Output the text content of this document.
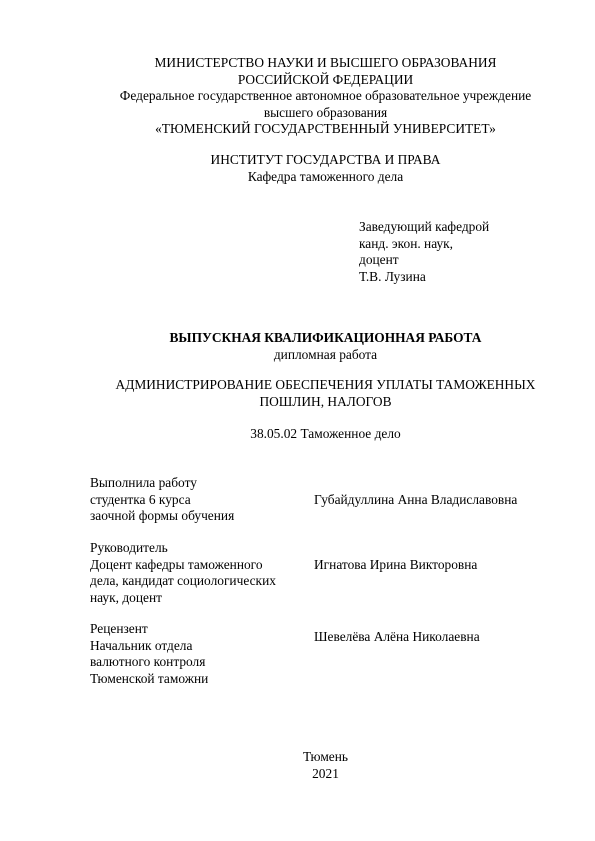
МИНИСТЕРСТВО НАУКИ И ВЫСШЕГО ОБРАЗОВАНИЯ
РОССИЙСКОЙ ФЕДЕРАЦИИ
Федеральное государственное автономное образовательное учреждение
высшего образования
«ТЮМЕНСКИЙ ГОСУДАРСТВЕННЫЙ УНИВЕРСИТЕТ»
ИНСТИТУТ ГОСУДАРСТВА И ПРАВА
Кафедра таможенного дела
Заведующий кафедрой
канд. экон. наук,
доцент
Т.В. Лузина
ВЫПУСКНАЯ КВАЛИФИКАЦИОННАЯ РАБОТА
дипломная работа
АДМИНИСТРИРОВАНИЕ ОБЕСПЕЧЕНИЯ УПЛАТЫ ТАМОЖЕННЫХ
ПОШЛИН, НАЛОГОВ
38.05.02 Таможенное дело
Выполнила работу
студентка 6 курса
заочной формы обучения
Губайдуллина Анна Владиславовна
Руководитель
Доцент кафедры таможенного
дела, кандидат социологических
наук, доцент
Игнатова Ирина Викторовна
Рецензент
Начальник отдела
валютного контроля
Тюменской таможни
Шевелёва Алёна Николаевна
Тюмень
2021
